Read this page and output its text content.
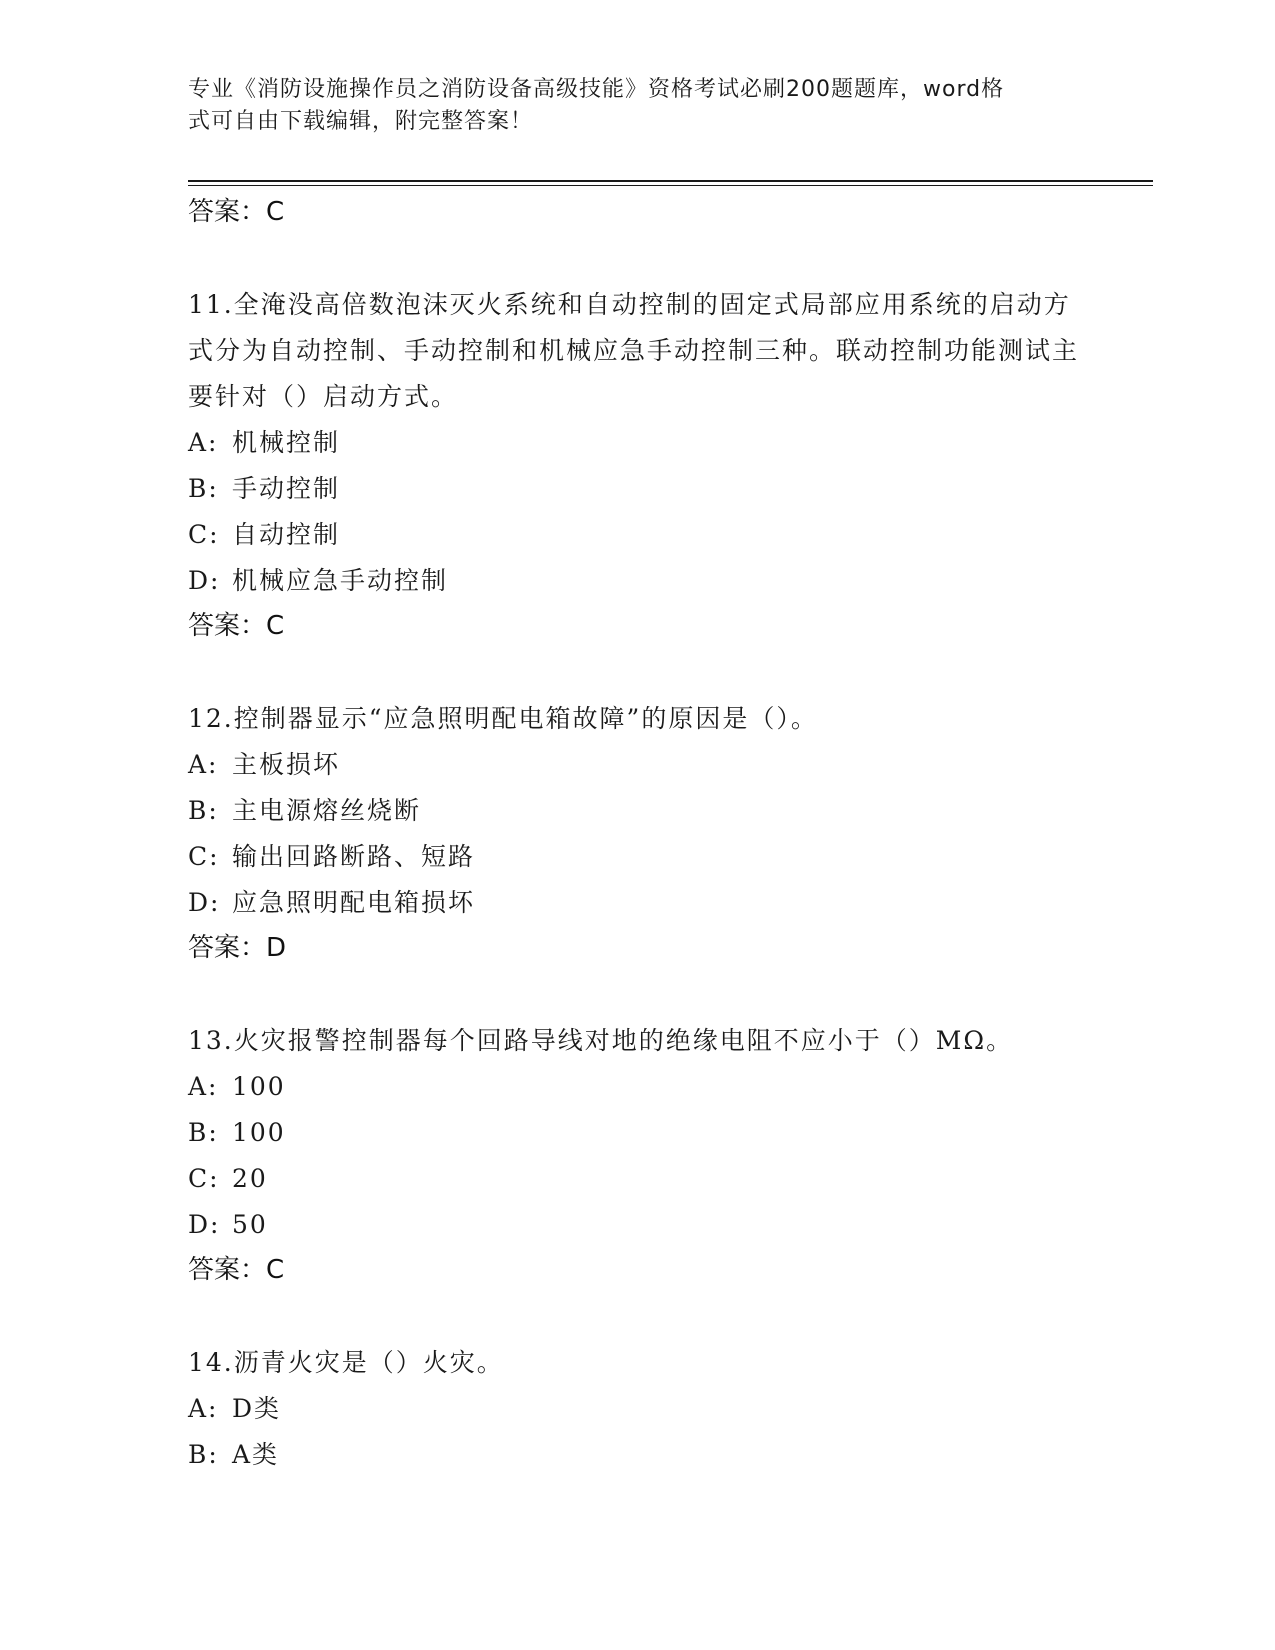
专业《消防设施操作员之消防设备高级技能》资格考试必刷200题题库，word格
式可自由下载编辑，附完整答案！
答案：C
11.全淹没高倍数泡沫灭火系统和自动控制的固定式局部应用系统的启动方式分为自动控制、手动控制和机械应急手动控制三种。联动控制功能测试主要针对（）启动方式。
A: 机械控制
B: 手动控制
C: 自动控制
D: 机械应急手动控制
答案：C
12.控制器显示“应急照明配电箱故障”的原因是（）。
A: 主板损坏
B: 主电源熔丝烧断
C: 输出回路断路、短路
D: 应急照明配电箱损坏
答案：D
13.火灾报警控制器每个回路导线对地的绝缘电阻不应小于（）MΩ。
A: 100
B: 100
C: 20
D: 50
答案：C
14.沥青火灾是（）火灾。
A: D类
B: A类
